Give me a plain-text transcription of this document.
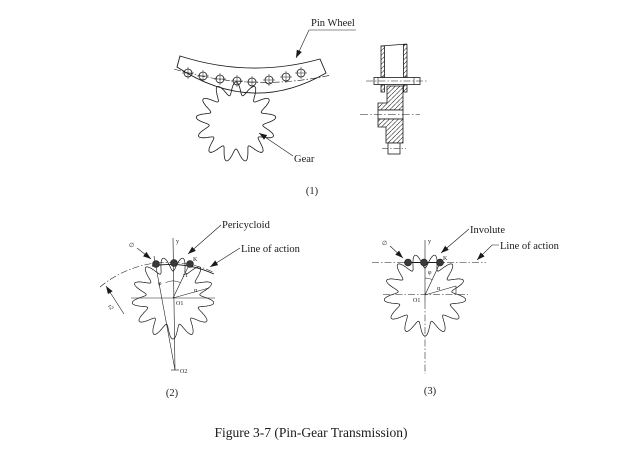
Pin Wheel
Gear
(1)
Pericycloid
Line of action
y
φ
r1
α
K
O1
O2
r2
∅
(2)
Involute
Line of action
y
φ
α
K
O1
∅
(3)
Figure 3-7 (Pin-Gear Transmission)
